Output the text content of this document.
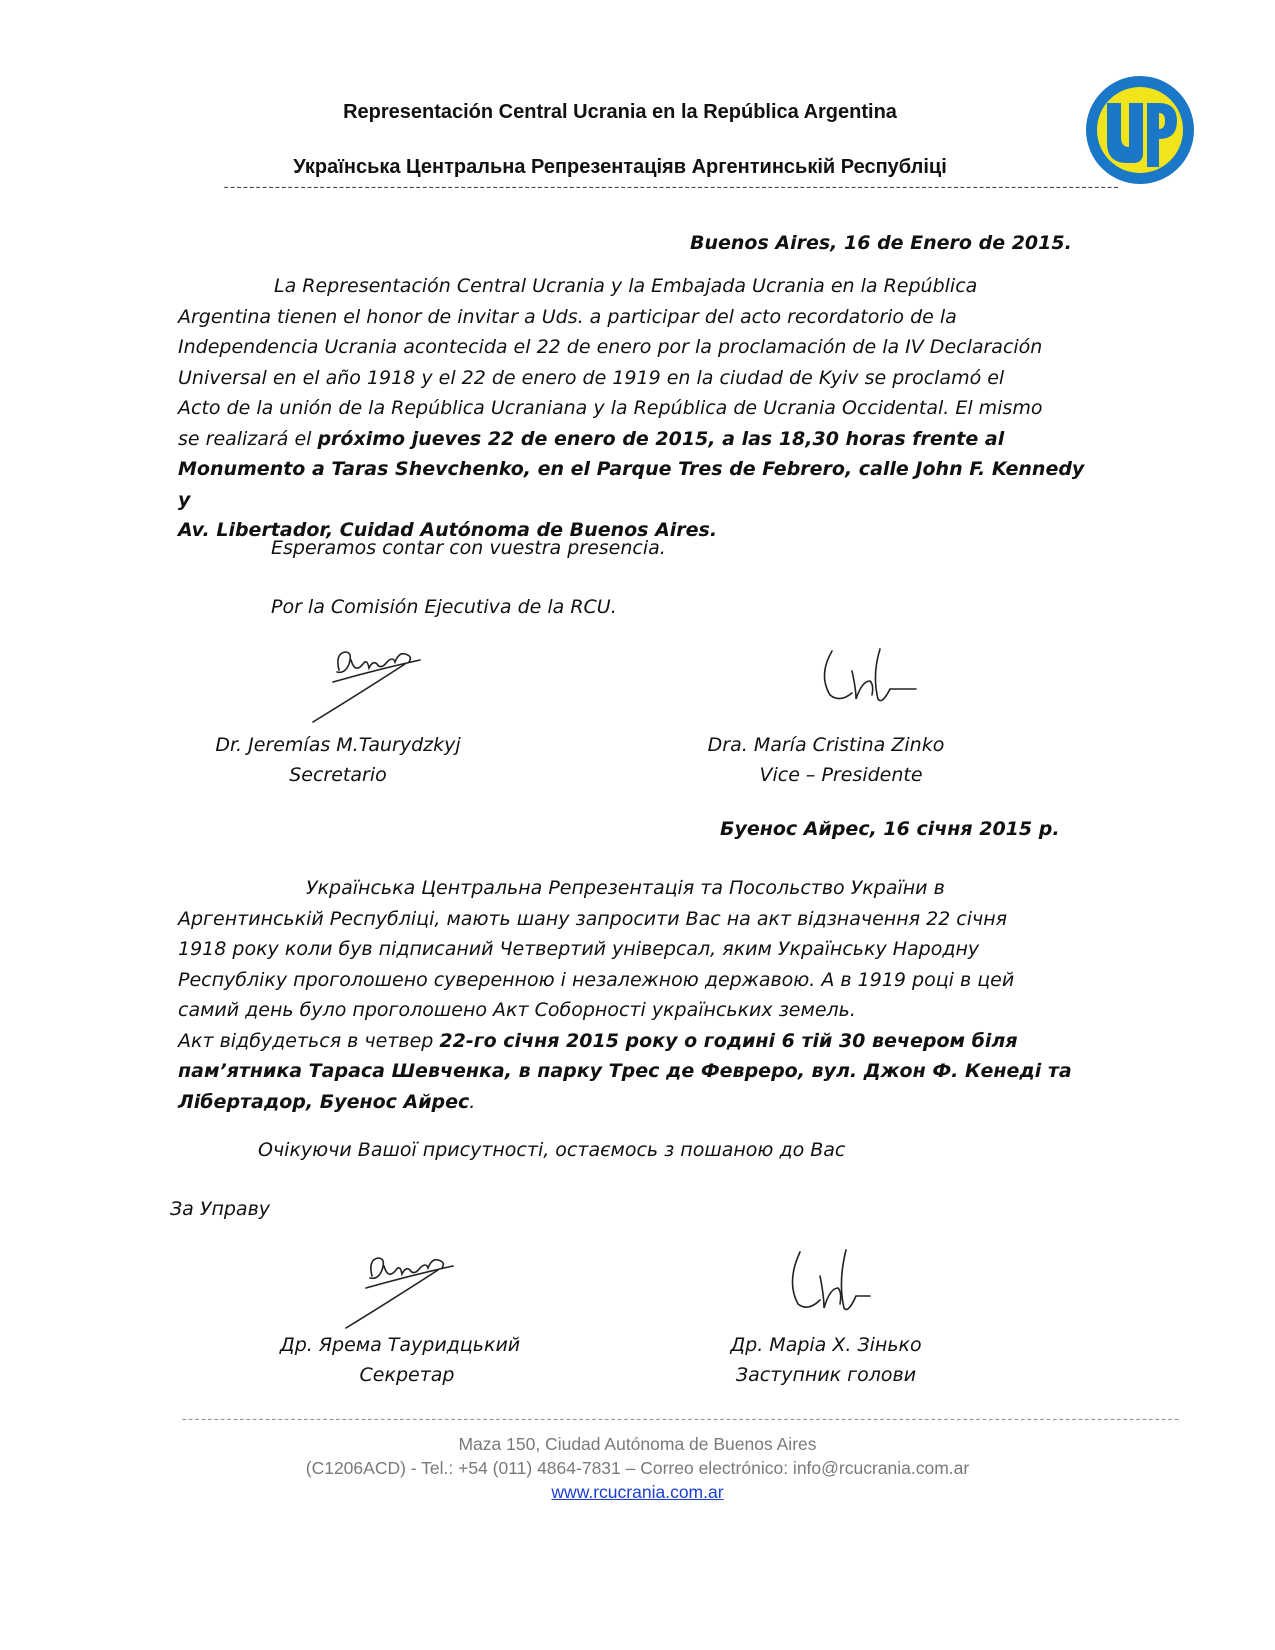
Representación Central Ucrania en la República Argentina
Українська Центральна Репрезентаціяв Аргентинській Республіці
--------------------------------------------------------------------------------------------------------------------------------------------
Buenos Aires, 16 de Enero de 2015.
La Representación Central Ucrania y la Embajada Ucrania en la República
Argentina tienen el honor de invitar a Uds. a participar del acto recordatorio de la
Independencia Ucrania acontecida el 22 de enero por la proclamación de la IV Declaración
Universal en el año 1918 y el 22 de enero de 1919 en la ciudad de Kyiv se proclamó el
Acto de la unión de la República Ucraniana y la República de Ucrania Occidental. El mismo
se realizará el próximo jueves 22 de enero de 2015, a las 18,30 horas frente al
Monumento a Taras Shevchenko, en el Parque Tres de Febrero, calle John F. Kennedy y
Av. Libertador, Cuidad Autónoma de Buenos Aires.
Esperamos contar con vuestra presencia.
Por la Comisión Ejecutiva de la RCU.
Dr. Jeremías M.Taurydzkyj
Secretario
Dra. María Cristina Zinko
Vice – Presidente
Буенос Айрес, 16 січня 2015 р.
Українська Центральна Репрезентація та Посольство України в
Аргентинській Республіці, мають шану запросити Вас на акт відзначення 22 січня
1918 року коли був підписаний Четвертий універсал, яким Українську Народну
Республіку проголошено суверенною і незалежною державою. А в 1919 році в цей
самий день було проголошено Акт Соборності українських земель.
Акт відбудеться в четвер 22-го січня 2015 року о годині 6 тій 30 вечером біля
пам’ятника Тараса Шевченка, в парку Трес де Феврерo, вул. Джон Ф. Кенеді та
Лібертадор, Буенос Айрес.
Очікуючи Вашої присутності, остаємось з пошаною до Вас
За Управу
Др. Ярема Тауридцький
Секретар
Др. Марiа Х. Зінько
Заступник голови
------------------------------------------------------------------------------------------------------------------------------------------------------------
Maza 150, Ciudad Autónoma de Buenos Aires
(C1206ACD) - Tel.: +54 (011) 4864-7831 – Correo electrónico: info@rcucrania.com.ar
www.rcucrania.com.ar
